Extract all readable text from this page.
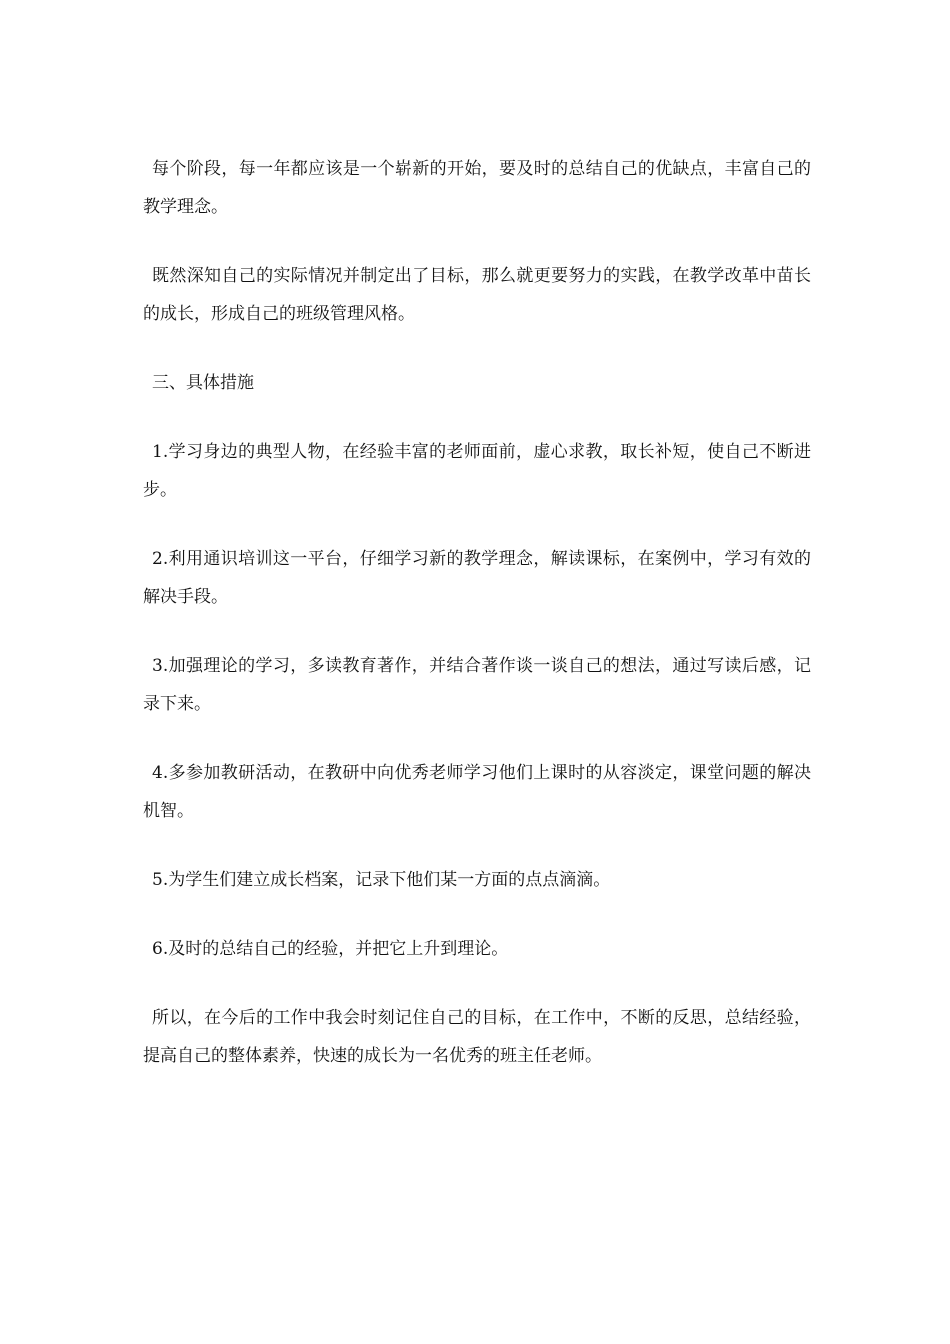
每个阶段，每一年都应该是一个崭新的开始，要及时的总结自己的优缺点，丰富自己的教学理念。

既然深知自己的实际情况并制定出了目标，那么就更要努力的实践，在教学改革中苗长的成长，形成自己的班级管理风格。

三、具体措施

1.学习身边的典型人物，在经验丰富的老师面前，虚心求教，取长补短，使自己不断进步。

2.利用通识培训这一平台，仔细学习新的教学理念，解读课标，在案例中，学习有效的解决手段。

3.加强理论的学习，多读教育著作，并结合著作谈一谈自己的想法，通过写读后感，记录下来。

4.多参加教研活动，在教研中向优秀老师学习他们上课时的从容淡定，课堂问题的解决机智。

5.为学生们建立成长档案，记录下他们某一方面的点点滴滴。

6.及时的总结自己的经验，并把它上升到理论。

所以，在今后的工作中我会时刻记住自己的目标，在工作中，不断的反思，总结经验，提高自己的整体素养，快速的成长为一名优秀的班主任老师。
